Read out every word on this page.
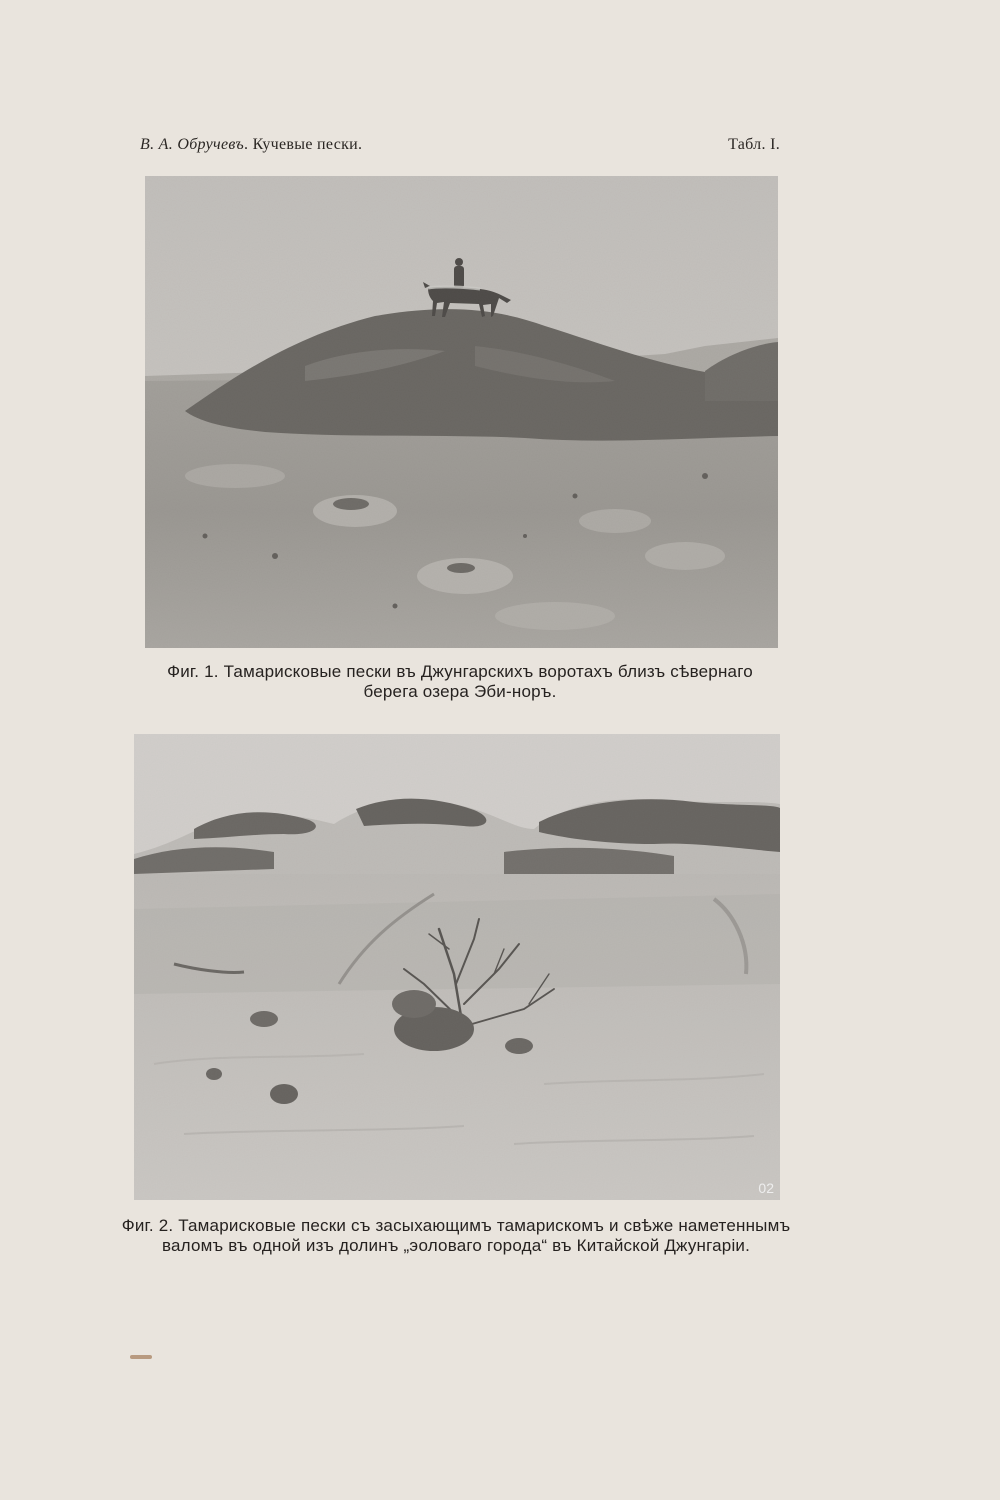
В. А. Обручевъ. Кучевые пески.	Табл. I.
Фиг. 1. Тамарисковые пески въ Джунгарскихъ воротахъ близъ сѣвернаго
берега озера Эби-норъ.
02
Фиг. 2. Тамарисковые пески съ засыхающимъ тамарискомъ и свѣже наметеннымъ
валомъ въ одной изъ долинъ „эоловаго города“ въ Китайской Джунгаріи.
